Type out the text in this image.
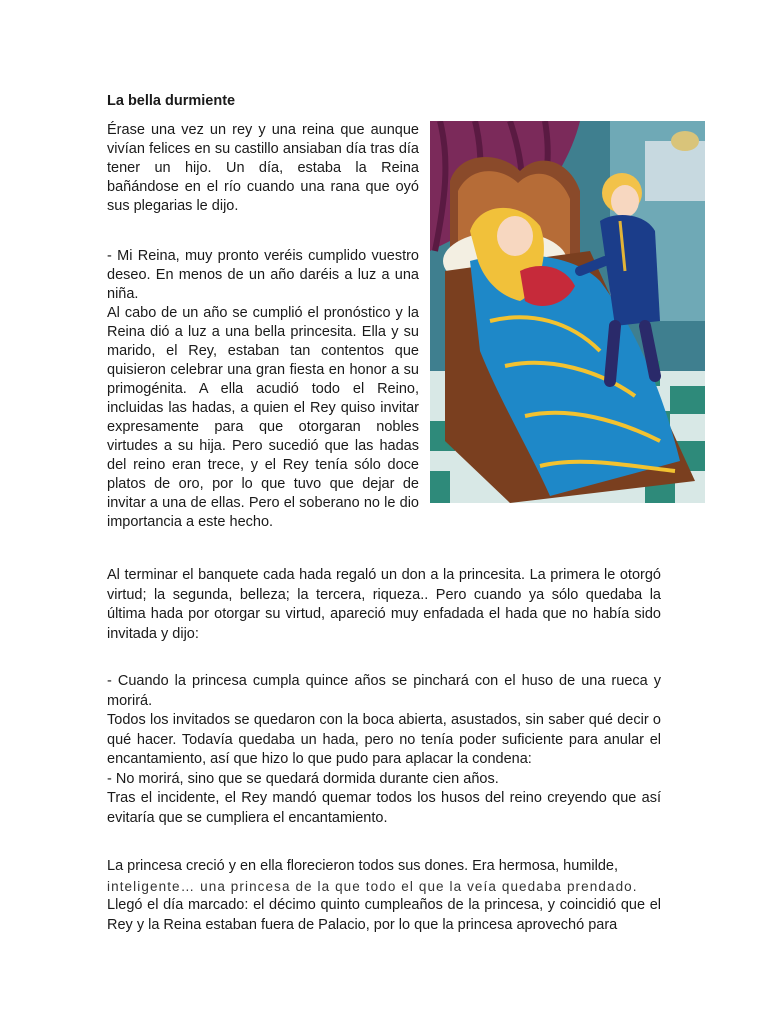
La bella durmiente

Érase una vez un rey y una reina que aunque vivían felices en su castillo ansiaban día tras día tener un hijo. Un día, estaba la Reina bañándose en el río cuando una rana que oyó sus plegarias le dijo.

- Mi Reina, muy pronto veréis cumplido vuestro deseo. En menos de un año daréis a luz a una niña.

Al cabo de un año se cumplió el pronóstico y la Reina dió a luz a una bella princesita. Ella y su marido, el Rey, estaban tan contentos que quisieron celebrar una gran fiesta en honor a su primogénita. A ella acudió todo el Reino, incluidas las hadas, a quien el Rey quiso invitar expresamente para que otorgaran nobles virtudes a su hija. Pero sucedió que las hadas del reino eran trece, y el Rey tenía sólo doce platos de oro, por lo que tuvo que dejar de invitar a una de ellas. Pero el soberano no le dio importancia a este hecho.

Al terminar el banquete cada hada regaló un don a la princesita. La primera le otorgó virtud; la segunda, belleza; la tercera, riqueza.. Pero cuando ya sólo quedaba la última hada por otorgar su virtud, apareció muy enfadada el hada que no había sido invitada y dijo:

- Cuando la princesa cumpla quince años se pinchará con el huso de una rueca y morirá.

Todos los invitados se quedaron con la boca abierta, asustados, sin saber qué decir o qué hacer. Todavía quedaba un hada, pero no tenía poder suficiente para anular el encantamiento, así que hizo lo que pudo para aplacar la condena:

- No morirá, sino que se quedará dormida durante cien años.

Tras el incidente, el Rey mandó quemar todos los husos del reino creyendo que así evitaría que se cumpliera el encantamiento.

La princesa creció y en ella florecieron todos sus dones. Era hermosa, humilde,

inteligente… una princesa de la que todo el que la veía quedaba prendado.

Llegó el día marcado: el décimo quinto cumpleaños de la princesa, y coincidió que el Rey y la Reina estaban fuera de Palacio, por lo que la princesa aprovechó para
